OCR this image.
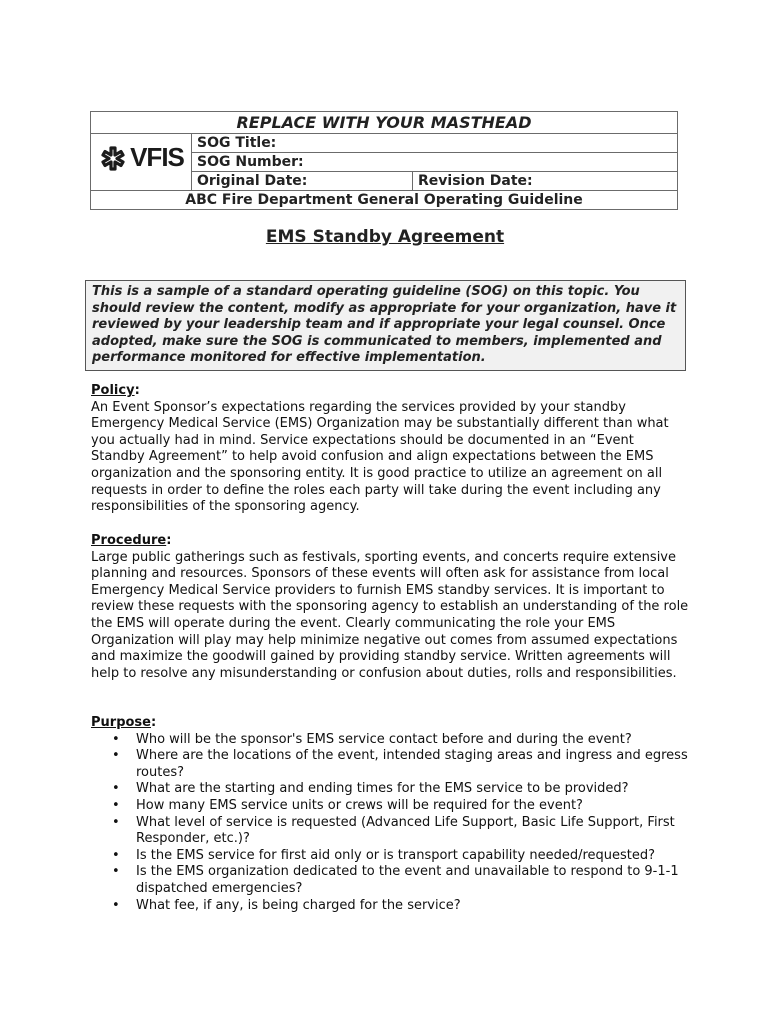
REPLACE WITH YOUR MASTHEAD		

VFIS	SOG Title:	
	SOG Number:	
	Original Date:	Revision Date:
ABC Fire Department General Operating Guideline		
EMS Standby Agreement
This is a sample of a standard operating guideline (SOG) on this topic. You should review the content, modify as appropriate for your organization, have it reviewed by your leadership team and if appropriate your legal counsel. Once adopted, make sure the SOG is communicated to members, implemented and performance monitored for effective implementation.
Policy:

An Event Sponsor’s expectations regarding the services provided by your standby Emergency Medical Service (EMS) Organization may be substantially different than what you actually had in mind. Service expectations should be documented in an “Event Standby Agreement” to help avoid confusion and align expectations between the EMS organization and the sponsoring entity. It is good practice to utilize an agreement on all requests in order to define the roles each party will take during the event including any responsibilities of the sponsoring agency.

Procedure:

Large public gatherings such as festivals, sporting events, and concerts require extensive planning and resources. Sponsors of these events will often ask for assistance from local Emergency Medical Service providers to furnish EMS standby services. It is important to review these requests with the sponsoring agency to establish an understanding of the role the EMS will operate during the event. Clearly communicating the role your EMS Organization will play may help minimize negative out comes from assumed expectations and maximize the goodwill gained by providing standby service. Written agreements will help to resolve any misunderstanding or confusion about duties, rolls and responsibilities.

Purpose:
• Who will be the sponsor's EMS service contact before and during the event?
• Where are the locations of the event, intended staging areas and ingress and egress routes?
• What are the starting and ending times for the EMS service to be provided?
• How many EMS service units or crews will be required for the event?
• What level of service is requested (Advanced Life Support, Basic Life Support, First Responder, etc.)?
• Is the EMS service for first aid only or is transport capability needed/requested?
• Is the EMS organization dedicated to the event and unavailable to respond to 9-1-1 dispatched emergencies?
• What fee, if any, is being charged for the service?
